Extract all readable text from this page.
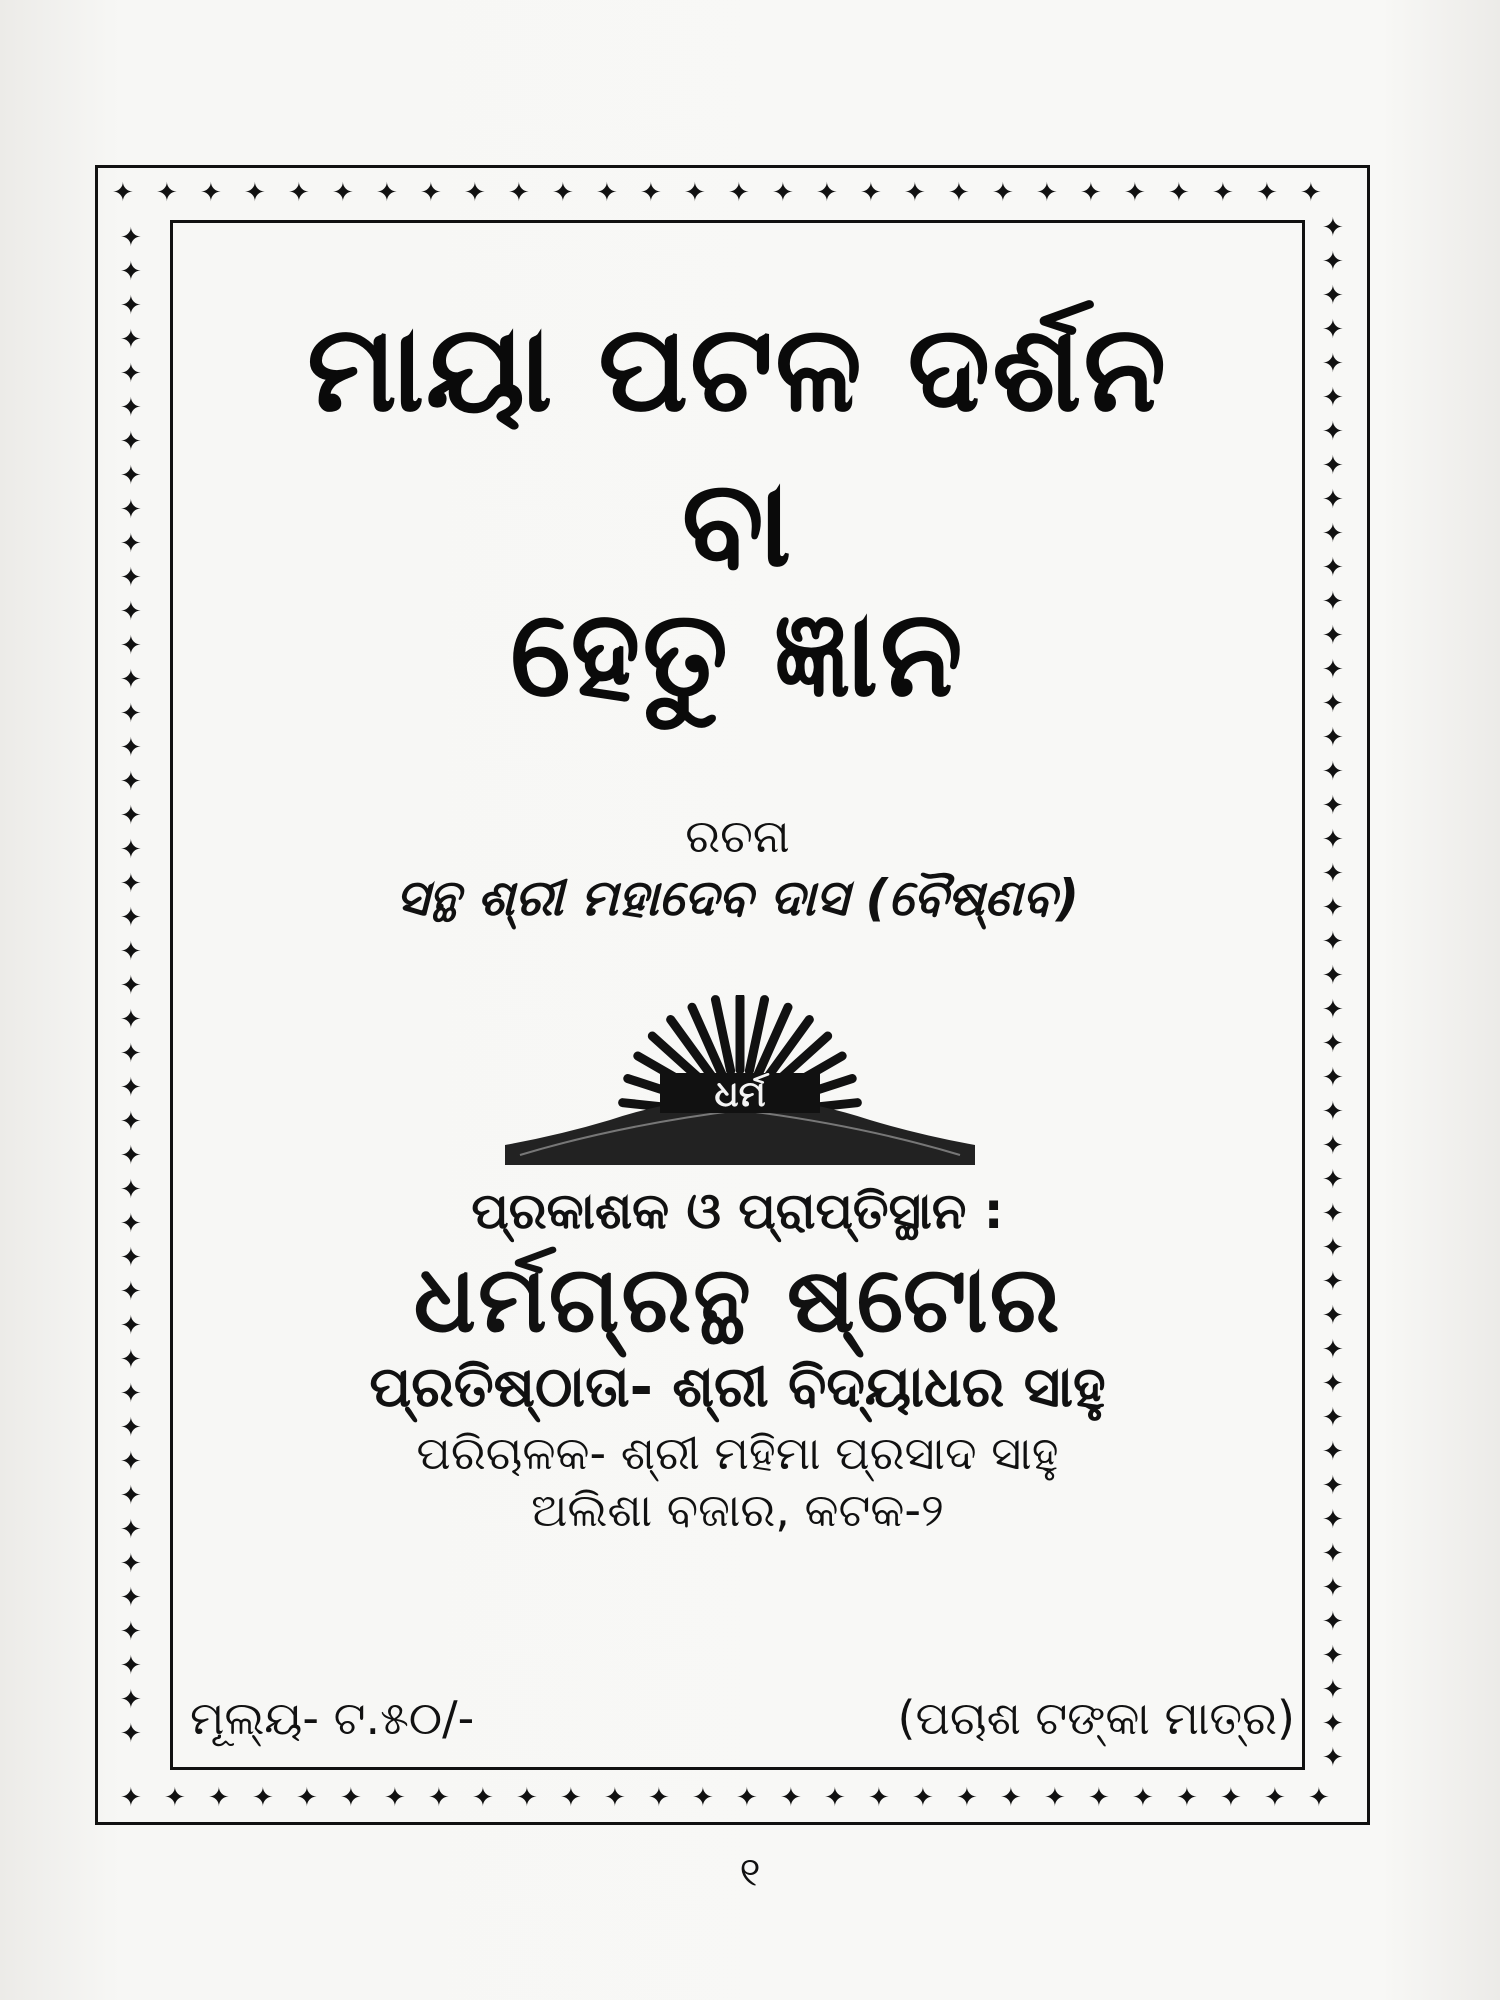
✦ ✦ ✦ ✦ ✦ ✦ ✦ ✦ ✦ ✦ ✦ ✦ ✦ ✦ ✦ ✦ ✦ ✦ ✦ ✦ ✦ ✦ ✦ ✦ ✦ ✦ ✦ ✦
✦ ✦ ✦ ✦ ✦ ✦ ✦ ✦ ✦ ✦ ✦ ✦ ✦ ✦ ✦ ✦ ✦ ✦ ✦ ✦ ✦ ✦ ✦ ✦ ✦ ✦ ✦ ✦
✦
✦
✦
✦
✦
✦
✦
✦
✦
✦
✦
✦
✦
✦
✦
✦
✦
✦
✦
✦
✦
✦
✦
✦
✦
✦
✦
✦
✦
✦
✦
✦
✦
✦
✦
✦
✦
✦
✦
✦
✦
✦
✦
✦
✦
✦
✦
✦
✦
✦
✦
✦
✦
✦
✦
✦
✦
✦
✦
✦
✦
✦
✦
✦
✦
✦
✦
✦
✦
✦
✦
✦
✦
✦
✦
✦
✦
✦
✦
✦
✦
✦
✦
✦
✦
✦
✦
✦
✦
✦
✦
ମାୟା ପଟଳ ଦର୍ଶନ
ବା
ହେତୁ ଜ୍ଞାନ
ରଚନା
ସନ୍ଥ ଶ୍ରୀ ମହାଦେବ ଦାସ (ବୈଷ୍ଣବ)
ଧର୍ମ
ପ୍ରକାଶକ ଓ ପ୍ରାପ୍ତିସ୍ଥାନ :
ଧର୍ମଗ୍ରନ୍ଥ ଷ୍ଟୋର
ପ୍ରତିଷ୍ଠାତା- ଶ୍ରୀ ବିଦ୍ୟାଧର ସାହୁ
ପରିଚାଳକ- ଶ୍ରୀ ମହିମା ପ୍ରସାଦ ସାହୁ
ଅଲିଶା ବଜାର, କଟକ-୨
ମୂଲ୍ୟ- ଟ.୫୦/-	(ପଚାଶ ଟଙ୍କା ମାତ୍ର)
୧
